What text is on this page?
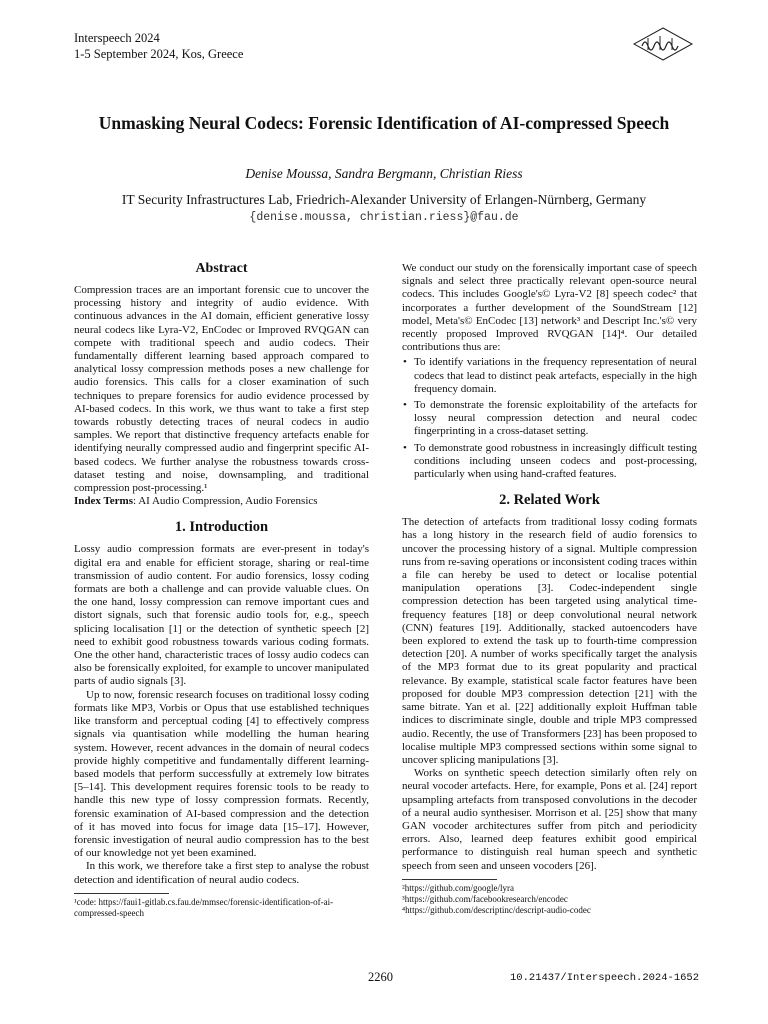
Interspeech 2024
1-5 September 2024, Kos, Greece
Unmasking Neural Codecs: Forensic Identification of AI-compressed Speech
Denise Moussa, Sandra Bergmann, Christian Riess
IT Security Infrastructures Lab, Friedrich-Alexander University of Erlangen-Nürnberg, Germany
{denise.moussa, christian.riess}@fau.de
Abstract

Compression traces are an important forensic cue to uncover the processing history and integrity of audio evidence. With continuous advances in the AI domain, efficient generative lossy neural codecs like Lyra-V2, EnCodec or Improved RVQGAN can compete with traditional speech and audio codecs. Their fundamentally different learning based approach compared to analytical lossy compression methods poses a new challenge for audio forensics. This calls for a closer examination of such techniques to prepare forensics for audio evidence processed by AI-based codecs. In this work, we thus want to take a first step towards robustly detecting traces of neural codecs in audio samples. We report that distinctive frequency artefacts enable for identifying neurally compressed audio and fingerprint specific AI-based codecs. We further analyse the robustness towards cross-dataset testing and noise, downsampling, and traditional compression post-processing.¹

Index Terms: AI Audio Compression, Audio Forensics

1. Introduction

Lossy audio compression formats are ever-present in today's digital era and enable for efficient storage, sharing or real-time transmission of audio content. For audio forensics, lossy coding formats are both a challenge and can provide valuable clues. On the one hand, lossy compression can remove important cues and distort signals, such that forensic audio tools for, e.g., speech splicing localisation [1] or the detection of synthetic speech [2] need to exhibit good robustness towards various coding formats. One the other hand, characteristic traces of lossy audio codecs can also be forensically exploited, for example to uncover manipulated parts of audio signals [3].

Up to now, forensic research focuses on traditional lossy coding formats like MP3, Vorbis or Opus that use established techniques like transform and perceptual coding [4] to effectively compress signals via quantisation while modelling the human hearing system. However, recent advances in the domain of neural codecs provide highly competitive and fundamentally different learning-based models that perform successfully at extremely low bitrates [5–14]. This development requires forensic tools to be ready to handle this new type of lossy compression formats. Recently, forensic examination of AI-based compression and the detection of it has moved into focus for image data [15–17]. However, forensic investigation of neural audio compression has to the best of our knowledge not yet been examined.

In this work, we therefore take a first step to analyse the robust detection and identification of neural audio codecs.

¹code: https://faui1-gitlab.cs.fau.de/mmsec/forensic-identification-of-ai-compressed-speech

We conduct our study on the forensically important case of speech signals and select three practically relevant open-source neural codecs. This includes Google's© Lyra-V2 [8] speech codec² that incorporates a further development of the SoundStream [12] model, Meta's© EnCodec [13] network³ and Descript Inc.'s© very recently proposed Improved RVQGAN [14]⁴. Our detailed contributions thus are:

• To identify variations in the frequency representation of neural codecs that lead to distinct peak artefacts, especially in the high frequency domain.
• To demonstrate the forensic exploitability of the artefacts for lossy neural compression detection and neural codec fingerprinting in a cross-dataset setting.
• To demonstrate good robustness in increasingly difficult testing conditions including unseen codecs and post-processing, particularly when using hand-crafted features.
2. Related Work

The detection of artefacts from traditional lossy coding formats has a long history in the research field of audio forensics to uncover the processing history of a signal. Multiple compression runs from re-saving operations or inconsistent coding traces within a file can hereby be used to detect or localise potential manipulation operations [3]. Codec-independent single compression detection has been targeted using analytical time-frequency features [18] or deep convolutional neural network (CNN) features [19]. Additionally, stacked autoencoders have been explored to extend the task up to fourth-time compression detection [20]. A number of works specifically target the analysis of the MP3 format due to its great popularity and practical relevance. By example, statistical scale factor features have been proposed for double MP3 compression detection [21] with the same bitrate. Yan et al. [22] additionally exploit Huffman table indices to discriminate single, double and triple MP3 compressed audio. Recently, the use of Transformers [23] has been proposed to localise multiple MP3 compressed sections within some signal to uncover splicing manipulations [3].

Works on synthetic speech detection similarly often rely on neural vocoder artefacts. Here, for example, Pons et al. [24] report upsampling artefacts from transposed convolutions in the decoder of a neural audio synthesiser. Morrison et al. [25] show that many GAN vocoder architectures suffer from pitch and periodicity errors. Also, learned deep features exhibit good empirical performance to distinguish real human speech and synthetic speech from seen and unseen vocoders [26].

²https://github.com/google/lyra

³https://github.com/facebookresearch/encodec

⁴https://github.com/descriptinc/descript-audio-codec

2260	10.21437/Interspeech.2024-1652
